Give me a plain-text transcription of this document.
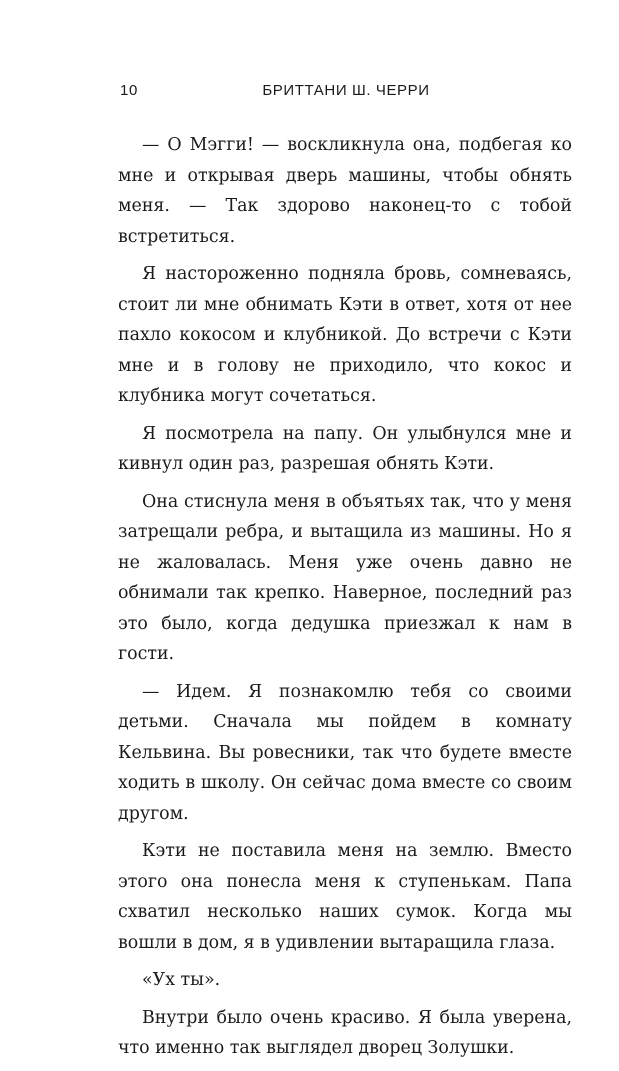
10	БРИТТАНИ Ш. ЧЕРРИ

— О Мэгги! — воскликнула она, подбегая ко мне и открывая дверь машины, чтобы обнять меня. — Так здорово наконец-то с тобой встретиться.

Я настороженно подняла бровь, сомневаясь, стоит ли мне обнимать Кэти в ответ, хотя от нее пахло кокосом и клубникой. До встречи с Кэти мне и в голову не приходило, что кокос и клубника могут сочетаться.

Я посмотрела на папу. Он улыбнулся мне и кивнул один раз, разрешая обнять Кэти.

Она стиснула меня в объятьях так, что у меня затрещали ребра, и вытащила из машины. Но я не жаловалась. Меня уже очень давно не обнимали так крепко. Наверное, последний раз это было, когда дедушка приезжал к нам в гости.

— Идем. Я познакомлю тебя со своими детьми. Сначала мы пойдем в комнату Кельвина. Вы ровесники, так что будете вместе ходить в школу. Он сейчас дома вместе со своим другом.

Кэти не поставила меня на землю. Вместо этого она понесла меня к ступенькам. Папа схватил несколько наших сумок. Когда мы вошли в дом, я в удивлении вытаращила глаза.

«Ух ты».

Внутри было очень красиво. Я была уверена, что именно так выглядел дворец Золушки.
